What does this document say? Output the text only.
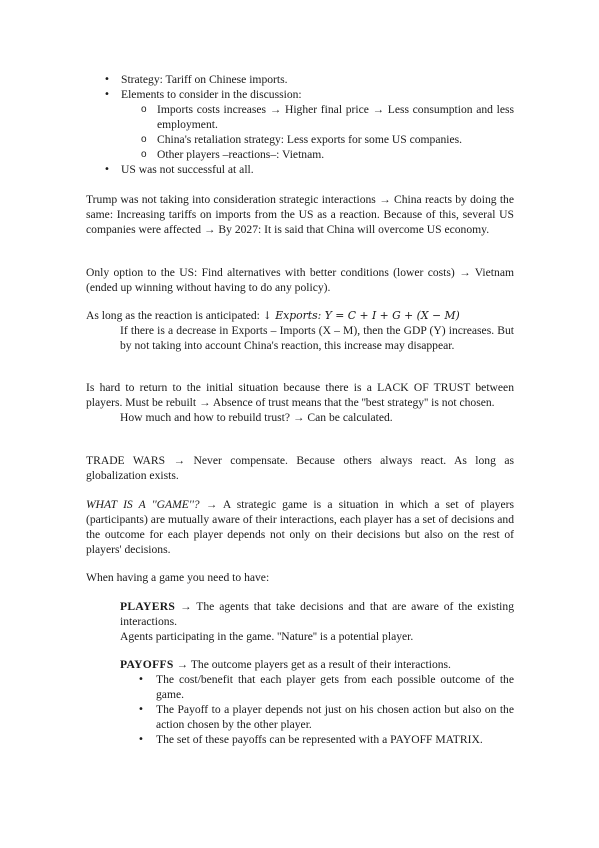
• Strategy: Tariff on Chinese imports.
• Elements to consider in the discussion:
o Imports costs increases → Higher final price → Less consumption and less employment.
o China's retaliation strategy: Less exports for some US companies.
o Other players –reactions–: Vietnam.
• US was not successful at all.

Trump was not taking into consideration strategic interactions → China reacts by doing the same: Increasing tariffs on imports from the US as a reaction. Because of this, several US companies were affected → By 2027: It is said that China will overcome US economy.

Only option to the US: Find alternatives with better conditions (lower costs) → Vietnam (ended up winning without having to do any policy).

As long as the reaction is anticipated: ↓ Exports: Y = C + I + G + (X − M)

If there is a decrease in Exports – Imports (X – M), then the GDP (Y) increases. But by not taking into account China's reaction, this increase may disappear.

Is hard to return to the initial situation because there is a LACK OF TRUST between players. Must be rebuilt → Absence of trust means that the ''best strategy'' is not chosen.

How much and how to rebuild trust? → Can be calculated.

TRADE WARS → Never compensate. Because others always react. As long as globalization exists.

WHAT IS A ''GAME''? → A strategic game is a situation in which a set of players (participants) are mutually aware of their interactions, each player has a set of decisions and the outcome for each player depends not only on their decisions but also on the rest of players' decisions.

When having a game you need to have:

PLAYERS → The agents that take decisions and that are aware of the existing interactions.

Agents participating in the game. ''Nature'' is a potential player.

PAYOFFS → The outcome players get as a result of their interactions.

• The cost/benefit that each player gets from each possible outcome of the game.
• The Payoff to a player depends not just on his chosen action but also on the action chosen by the other player.
• The set of these payoffs can be represented with a PAYOFF MATRIX.
